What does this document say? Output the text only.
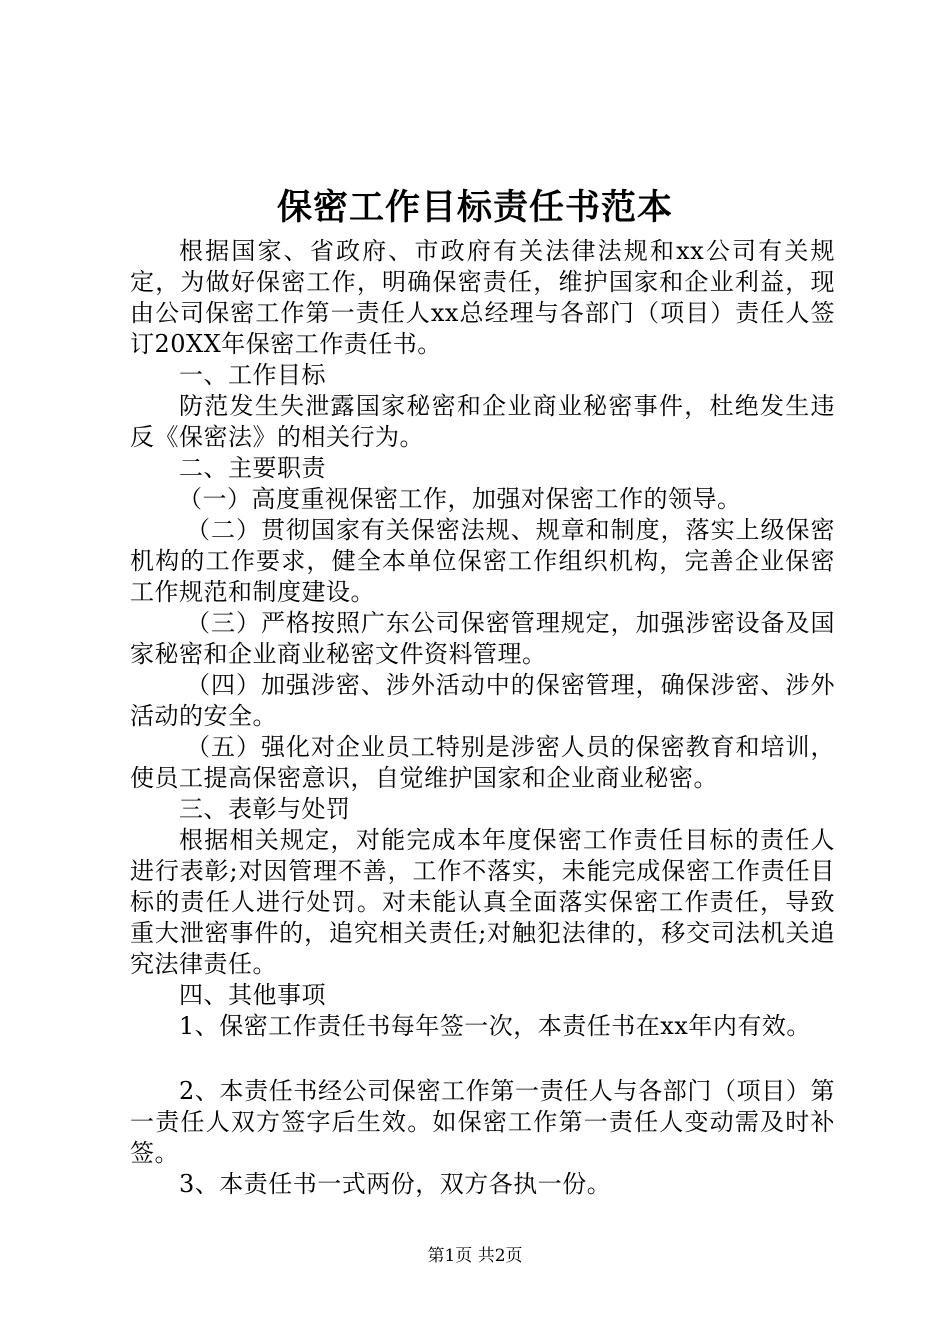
保密工作目标责任书范本

根据国家、省政府、市政府有关法律法规和xx公司有关规定，为做好保密工作，明确保密责任，维护国家和企业利益，现由公司保密工作第一责任人xx总经理与各部门（项目）责任人签订20XX年保密工作责任书。

一、工作目标

防范发生失泄露国家秘密和企业商业秘密事件，杜绝发生违反《保密法》的相关行为。

二、主要职责

（一）高度重视保密工作，加强对保密工作的领导。

（二）贯彻国家有关保密法规、规章和制度，落实上级保密机构的工作要求，健全本单位保密工作组织机构，完善企业保密工作规范和制度建设。

（三）严格按照广东公司保密管理规定，加强涉密设备及国家秘密和企业商业秘密文件资料管理。

（四）加强涉密、涉外活动中的保密管理，确保涉密、涉外活动的安全。

（五）强化对企业员工特别是涉密人员的保密教育和培训，使员工提高保密意识，自觉维护国家和企业商业秘密。

三、表彰与处罚

根据相关规定，对能完成本年度保密工作责任目标的责任人进行表彰;对因管理不善，工作不落实，未能完成保密工作责任目标的责任人进行处罚。对未能认真全面落实保密工作责任，导致重大泄密事件的，追究相关责任;对触犯法律的，移交司法机关追究法律责任。

四、其他事项

1、保密工作责任书每年签一次，本责任书在xx年内有效。

2、本责任书经公司保密工作第一责任人与各部门（项目）第一责任人双方签字后生效。如保密工作第一责任人变动需及时补签。

3、本责任书一式两份，双方各执一份。

第1页 共2页
